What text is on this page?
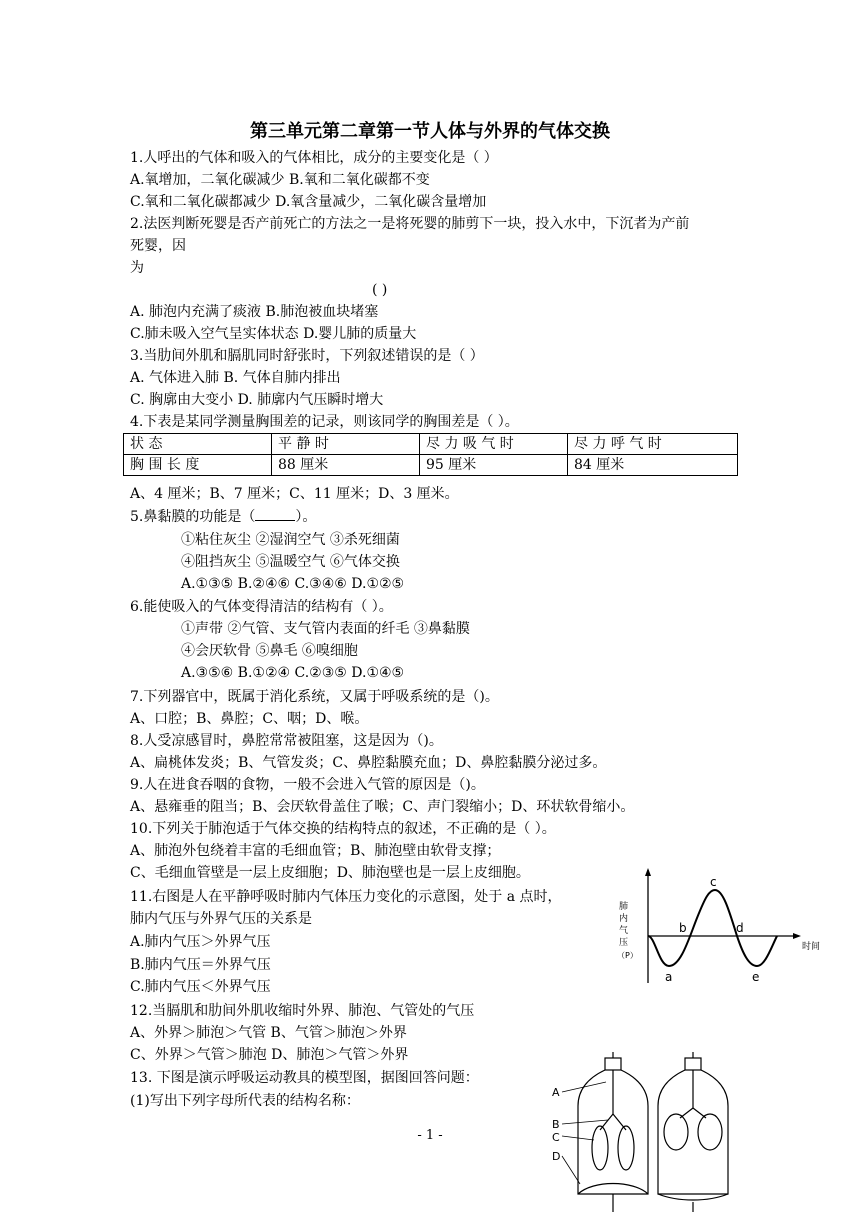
第三单元第二章第一节人体与外界的气体交换
1.人呼出的气体和吸入的气体相比，成分的主要变化是（ ）
A.氧增加，二氧化碳减少 B.氧和二氧化碳都不变
C.氧和二氧化碳都减少 D.氧含量减少，二氧化碳含量增加
2.法医判断死婴是否产前死亡的方法之一是将死婴的肺剪下一块，投入水中，下沉者为产前
死婴，因
为
( )
A. 肺泡内充满了痰液 B.肺泡被血块堵塞
C.肺未吸入空气呈实体状态 D.婴儿肺的质量大
3.当肋间外肌和膈肌同时舒张时，下列叙述错误的是（ ）
A. 气体进入肺 B. 气体自肺内排出
C. 胸廓由大变小 D. 肺廓内气压瞬时增大
4.下表是某同学测量胸围差的记录，则该同学的胸围差是（ ）。
A、4 厘米；B、7 厘米；C、11 厘米；D、3 厘米。
①粘住灰尘 ②湿润空气 ③杀死细菌
④阻挡灰尘 ⑤温暖空气 ⑥气体交换
A.①③⑤ B.②④⑥ C.③④⑥ D.①②⑤
6.能使吸入的气体变得清洁的结构有（ ）。
①声带 ②气管、支气管内表面的纤毛 ③鼻黏膜
④会厌软骨 ⑤鼻毛 ⑥嗅细胞
A.③⑤⑥ B.①②④ C.②③⑤ D.①④⑤
7.下列器官中，既属于消化系统，又属于呼吸系统的是（)。
A、口腔；B、鼻腔；C、咽；D、喉。
8.人受凉感冒时，鼻腔常常被阻塞，这是因为（)。
A、扁桃体发炎；B、气管发炎；C、鼻腔黏膜充血；D、鼻腔黏膜分泌过多。
9.人在进食吞咽的食物，一般不会进入气管的原因是（)。
A、悬雍垂的阻当；B、会厌软骨盖住了喉；C、声门裂缩小；D、环状软骨缩小。
10.下列关于肺泡适于气体交换的结构特点的叙述，不正确的是（ ）。
A、肺泡外包绕着丰富的毛细血管；B、肺泡壁由软骨支撑；
C、毛细血管壁是一层上皮细胞；D、肺泡壁也是一层上皮细胞。
11.右图是人在平静呼吸时肺内气体压力变化的示意图，处于 a 点时，
肺内气压与外界气压的关系是
A.肺内气压＞外界气压
B.肺内气压＝外界气压
C.肺内气压＜外界气压
12.当膈肌和肋间外肌收缩时外界、肺泡、气管处的气压
A、外界＞肺泡＞气管 B、气管＞肺泡＞外界
C、外界＞气管＞肺泡 D、肺泡＞气管＞外界
13. 下图是演示呼吸运动教具的模型图，据图回答问题：
(1)写出下列字母所代表的结构名称：
5.鼻黏膜的功能是（	）。
状 态	平 静 时	尽 力 吸 气 时	尽 力 呼 气 时
胸 围 长 度	88 厘米	95 厘米	84 厘米
肺
内
气
压
（P）
时间
a
b
c
d
e
A
B
C
D
- 1 -
